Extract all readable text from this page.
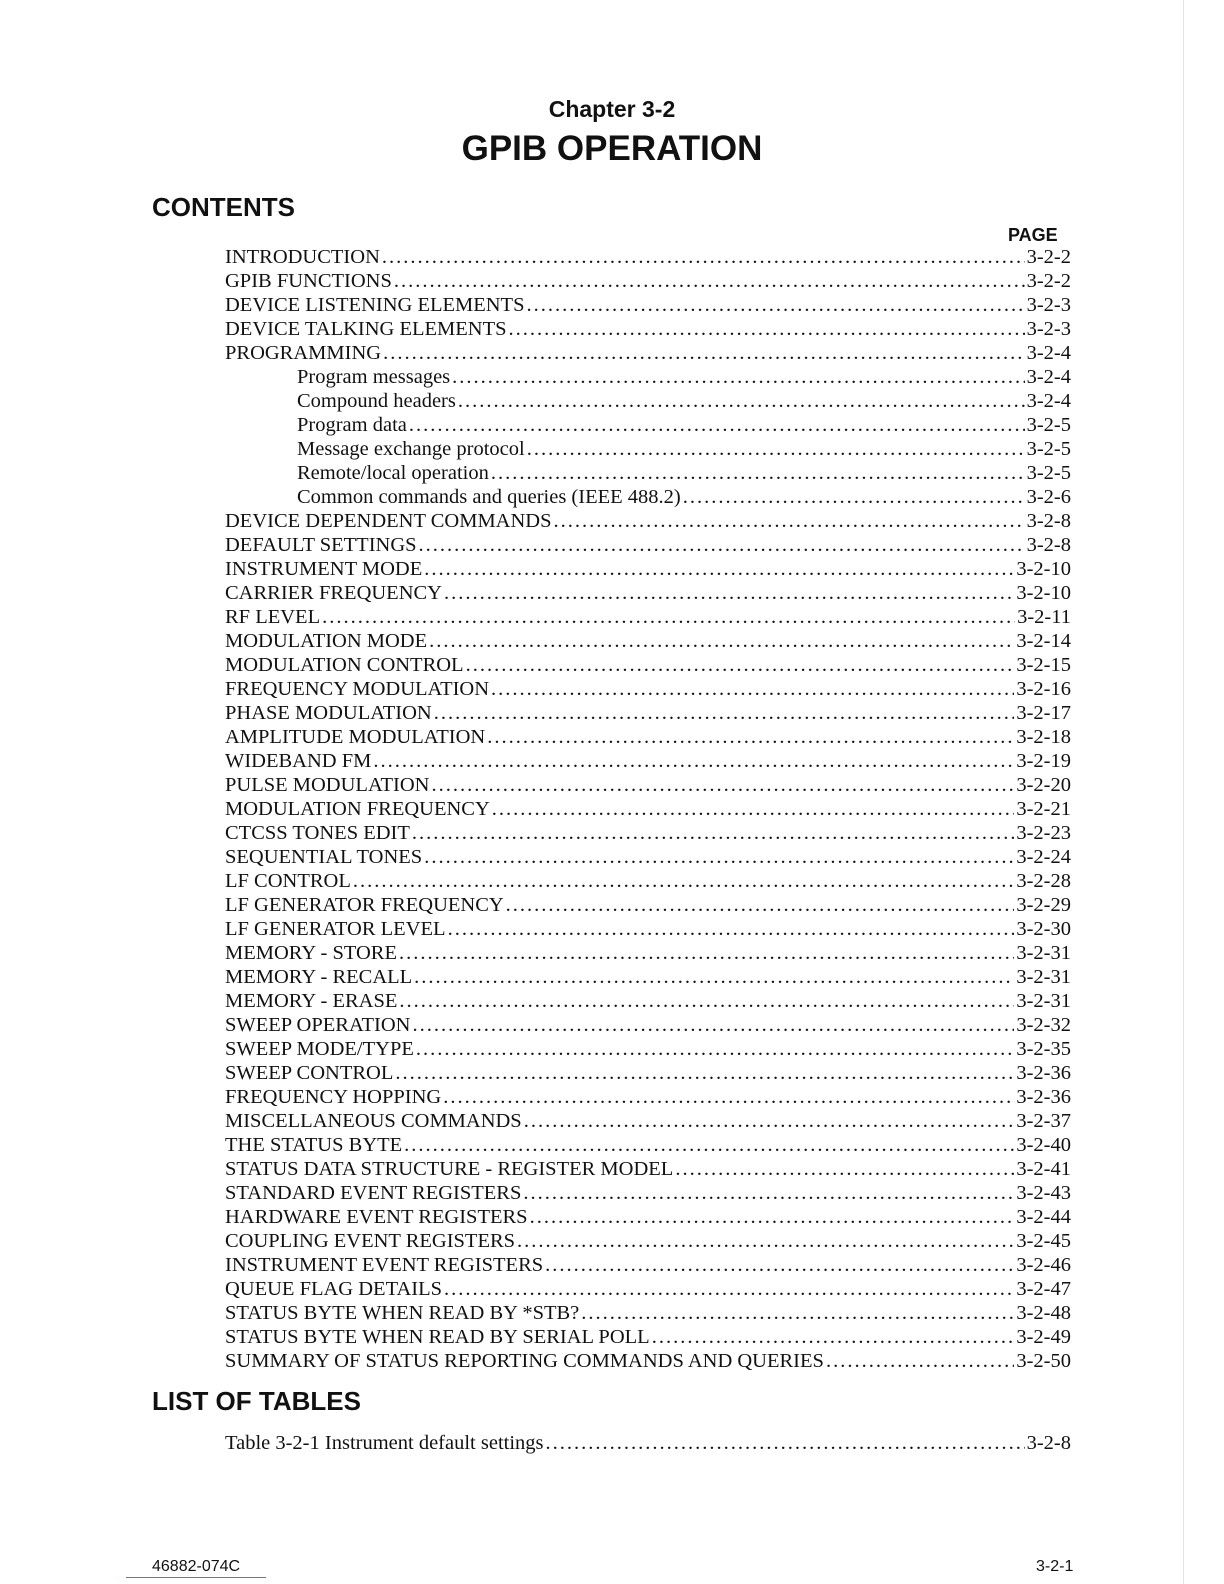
Chapter 3-2
GPIB OPERATION
CONTENTS
PAGE
INTRODUCTION .....	3-2-2
GPIB FUNCTIONS .....	3-2-2
DEVICE LISTENING ELEMENTS .....	3-2-3
DEVICE TALKING ELEMENTS .....	3-2-3
PROGRAMMING .....	3-2-4
Program messages .....	3-2-4
Compound headers .....	3-2-4
Program data .....	3-2-5
Message exchange protocol .....	3-2-5
Remote/local operation .....	3-2-5
Common commands and queries (IEEE 488.2) .....	3-2-6
DEVICE DEPENDENT COMMANDS .....	3-2-8
DEFAULT SETTINGS .....	3-2-8
INSTRUMENT MODE .....	3-2-10
CARRIER FREQUENCY .....	3-2-10
RF LEVEL .....	3-2-11
MODULATION MODE .....	3-2-14
MODULATION CONTROL .....	3-2-15
FREQUENCY MODULATION .....	3-2-16
PHASE MODULATION .....	3-2-17
AMPLITUDE MODULATION .....	3-2-18
WIDEBAND FM .....	3-2-19
PULSE MODULATION .....	3-2-20
MODULATION FREQUENCY .....	3-2-21
CTCSS TONES EDIT .....	3-2-23
SEQUENTIAL TONES .....	3-2-24
LF CONTROL .....	3-2-28
LF GENERATOR FREQUENCY .....	3-2-29
LF GENERATOR LEVEL .....	3-2-30
MEMORY - STORE .....	3-2-31
MEMORY - RECALL .....	3-2-31
MEMORY - ERASE .....	3-2-31
SWEEP OPERATION .....	3-2-32
SWEEP MODE/TYPE .....	3-2-35
SWEEP CONTROL .....	3-2-36
FREQUENCY HOPPING .....	3-2-36
MISCELLANEOUS COMMANDS .....	3-2-37
THE STATUS BYTE .....	3-2-40
STATUS DATA STRUCTURE - REGISTER MODEL .....	3-2-41
STANDARD EVENT REGISTERS .....	3-2-43
HARDWARE EVENT REGISTERS .....	3-2-44
COUPLING EVENT REGISTERS .....	3-2-45
INSTRUMENT EVENT REGISTERS .....	3-2-46
QUEUE FLAG DETAILS .....	3-2-47
STATUS BYTE WHEN READ BY *STB? .....	3-2-48
STATUS BYTE WHEN READ BY SERIAL POLL .....	3-2-49
SUMMARY OF STATUS REPORTING COMMANDS AND QUERIES .....	3-2-50
LIST OF TABLES
Table 3-2-1 Instrument default settings .....	3-2-8
46882-074C	3-2-1
